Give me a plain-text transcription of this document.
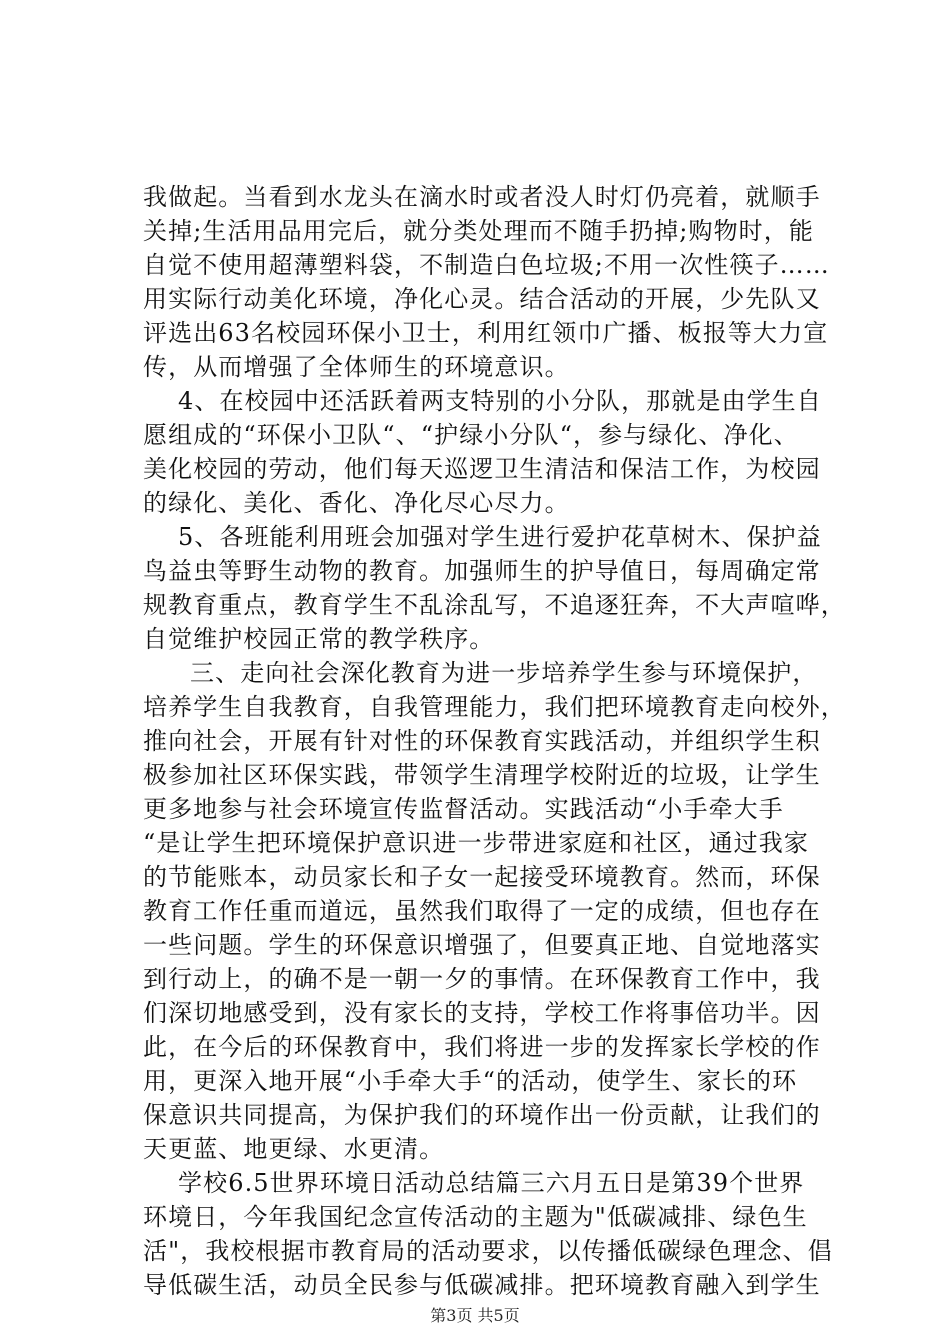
我做起。当看到水龙头在滴水时或者没人时灯仍亮着，就顺手
关掉;生活用品用完后，就分类处理而不随手扔掉;购物时，能
自觉不使用超薄塑料袋，不制造白色垃圾;不用一次性筷子……
用实际行动美化环境，净化心灵。结合活动的开展，少先队又
评选出63名校园环保小卫士，利用红领巾广播、板报等大力宣
传，从而增强了全体师生的环境意识。
4、在校园中还活跃着两支特别的小分队，那就是由学生自
愿组成的“环保小卫队“、“护绿小分队“，参与绿化、净化、
美化校园的劳动，他们每天巡逻卫生清洁和保洁工作，为校园
的绿化、美化、香化、净化尽心尽力。
5、各班能利用班会加强对学生进行爱护花草树木、保护益
鸟益虫等野生动物的教育。加强师生的护导值日，每周确定常
规教育重点，教育学生不乱涂乱写，不追逐狂奔，不大声喧哗，
自觉维护校园正常的教学秩序。
三、走向社会深化教育为进一步培养学生参与环境保护，
培养学生自我教育，自我管理能力，我们把环境教育走向校外，
推向社会，开展有针对性的环保教育实践活动，并组织学生积
极参加社区环保实践，带领学生清理学校附近的垃圾，让学生
更多地参与社会环境宣传监督活动。实践活动“小手牵大手
“是让学生把环境保护意识进一步带进家庭和社区，通过我家
的节能账本，动员家长和子女一起接受环境教育。然而，环保
教育工作任重而道远，虽然我们取得了一定的成绩，但也存在
一些问题。学生的环保意识增强了，但要真正地、自觉地落实
到行动上，的确不是一朝一夕的事情。在环保教育工作中，我
们深切地感受到，没有家长的支持，学校工作将事倍功半。因
此，在今后的环保教育中，我们将进一步的发挥家长学校的作
用，更深入地开展“小手牵大手“的活动，使学生、家长的环
保意识共同提高，为保护我们的环境作出一份贡献，让我们的
天更蓝、地更绿、水更清。
学校6.5世界环境日活动总结篇三六月五日是第39个世界
环境日，今年我国纪念宣传活动的主题为"低碳减排、绿色生
活"，我校根据市教育局的活动要求，以传播低碳绿色理念、倡
导低碳生活，动员全民参与低碳减排。把环境教育融入到学生
第3页 共5页
